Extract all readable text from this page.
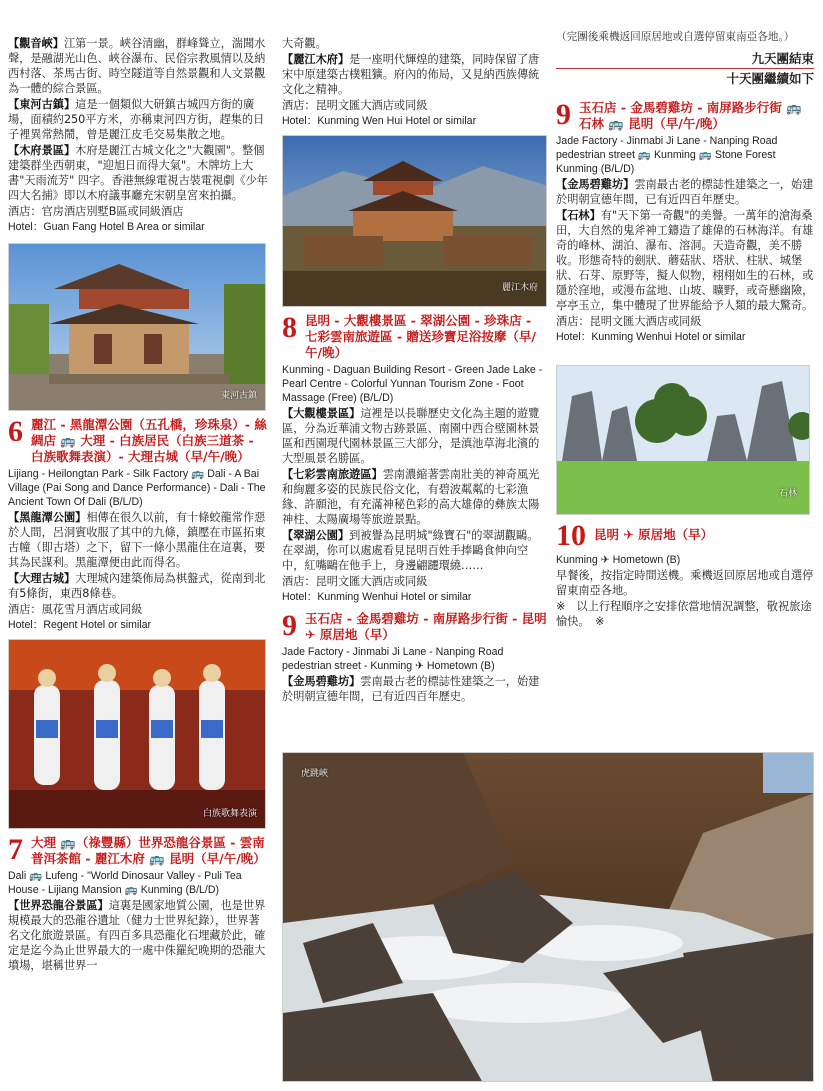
【觀音峽】江第一景。峽谷清幽，群峰聳立，湍聞水聲，是融湖光山色、峽谷瀑布、民俗宗教風情以及納西村落、茶馬古街、時空隧道等自然景觀和人文景觀為一體的綜合景區。

【東河古鎮】這是一個類似大研鎮古城四方街的廣場，面積約250平方米，亦稱東河四方街，趕集的日子裡異常熱鬧，曾是麗江皮毛交易集散之地。

【木府景區】木府是麗江古城文化之"大觀園"。整個建築群坐西朝東，"迎旭日而得大氣"。木牌坊上大書"天雨流芳" 四字。香港無線電視古裝電視劇《少年四大名捕》即以木府議事廳充宋朝皇宮來拍攝。

酒店：官房酒店別墅B區或同級酒店

Hotel：Guan Fang Hotel B Area or similar

東河古鎮
6 麗江 - 黑龍潭公園（五孔橋，珍珠泉）- 絲綢店 🚌 大理 - 白族居民（白族三道茶 - 白族歌舞表演）- 大理古城（早/午/晚）

Lijiang - Heilongtan Park - Silk Factory 🚌 Dali - A Bai Village (Pai Song and Dance Performance) - Dali - The Ancient Town Of Dali (B/L/D)

【黑龍潭公園】相傳在很久以前，有十條蛟龍常作惡於人間，呂洞賓收服了其中的九條，鎮壓在市區拓東古幢（即古塔）之下，留下一條小黑龍住在這裏，要其為民謀利。黑龍潭便由此而得名。

【大理古城】大理城內建築佈局為棋盤式，從南到北有5條街，東西8條巷。

酒店：風花雪月酒店或同級

Hotel：Regent Hotel or similar

白族歌舞表演
7 大理 🚌（祿豐縣）世界恐龍谷景區 - 雲南普洱茶館 - 麗江木府 🚌 昆明（早/午/晚）

Dali 🚌 Lufeng - "World Dinosaur Valley - Puli Tea House - Lijiang Mansion 🚌 Kunming (B/L/D)

【世界恐龍谷景區】這裏是國家地質公園，也是世界規模最大的恐龍谷遺址（健力士世界紀錄），世界著名文化旅遊景區。有四百多具恐龍化石埋藏於此，確定是迄今為止世界最大的一處中侏羅紀晚期的恐龍大墳場，堪稱世界一

大奇觀。

【麗江木府】是一座明代輝煌的建築，同時保留了唐宋中原建築古樸粗獷。府內的佈局，又見納西族傳統文化之精神。

酒店：昆明文匯大酒店或同級

Hotel：Kunming Wen Hui Hotel or similar

麗江木府
8 昆明 - 大觀樓景區 - 翠湖公園 - 珍珠店 - 七彩雲南旅遊區 - 贈送珍寶足浴按摩（早/午/晚）

Kunming - Daguan Building Resort - Green Jade Lake - Pearl Centre - Colorful Yunnan Tourism Zone - Foot Massage (Free) (B/L/D)

【大觀樓景區】這裡是以長聯歷史文化為主題的遊覽區，分為近華浦文物古跡景區、南園中西合壁園林景區和西園現代園林景區三大部分，是滇池草海北濱的大型風景名勝區。

【七彩雲南旅遊區】雲南濃縮著雲南壯美的神奇風光和絢麗多姿的民族民俗文化，有碧波粼粼的七彩漁緣、許願池，有充滿神秘色彩的高大雄偉的彝族太陽神柱、太陽廣場等旅遊景點。

【翠湖公園】到被譽為昆明城"綠寶石"的翠湖觀鷗。在翠湖，你可以處處看見昆明百姓手捧鷗食伸向空中，紅嘴鷗在他手上，身邊翩躚環繞……

酒店：昆明文匯大酒店或同級

Hotel：Kunming Wenhui Hotel or similar

9 玉石店 - 金馬碧雞坊 - 南屏路步行街 - 昆明 ✈ 原居地（早）

Jade Factory - Jinmabi Ji Lane - Nanping Road pedestrian street - Kunming ✈ Hometown (B)

【金馬碧雞坊】雲南最古老的標誌性建築之一，始建於明朝宣德年間，已有近四百年歷史。

（完團後乘機返回原居地或自選停留東南亞各地。）

九天團結束
十天團繼續如下
9 玉石店 - 金馬碧雞坊 - 南屏路步行街 🚌 石林 🚌 昆明（早/午/晚）

Jade Factory - Jinmabi Ji Lane - Nanping Road pedestrian street 🚌 Kunming 🚌 Stone Forest Kunming (B/L/D)

【金馬碧雞坊】雲南最古老的標誌性建築之一，始建於明朝宣德年間，已有近四百年歷史。

【石林】有"天下第一奇觀"的美譽。一萬年的滄海桑田，大自然的鬼斧神工鑄造了雄偉的石林海洋。有雄奇的峰林、湖泊、瀑布、溶洞。天造奇觀，美不勝收。形態奇特的劍狀、蘑菇狀、塔狀、柱狀、城堡狀、石芽、原野等，擬人似物，栩栩如生的石林，或隱於窪地，或漫布盆地、山坡、曠野，或奇懸幽險，亭亭玉立，集中體現了世界能給予人類的最大驚奇。

酒店：昆明文匯大酒店或同級

Hotel：Kunming Wenhui Hotel or similar

石林
10 昆明 ✈ 原居地（早）

Kunming ✈ Hometown (B)

早餐後，按指定時間送機。乘機返回原居地或自選停留東南亞各地。

※　以上行程順序之安排依當地情況調整，敬祝旅途愉快。　※

虎跳峽
